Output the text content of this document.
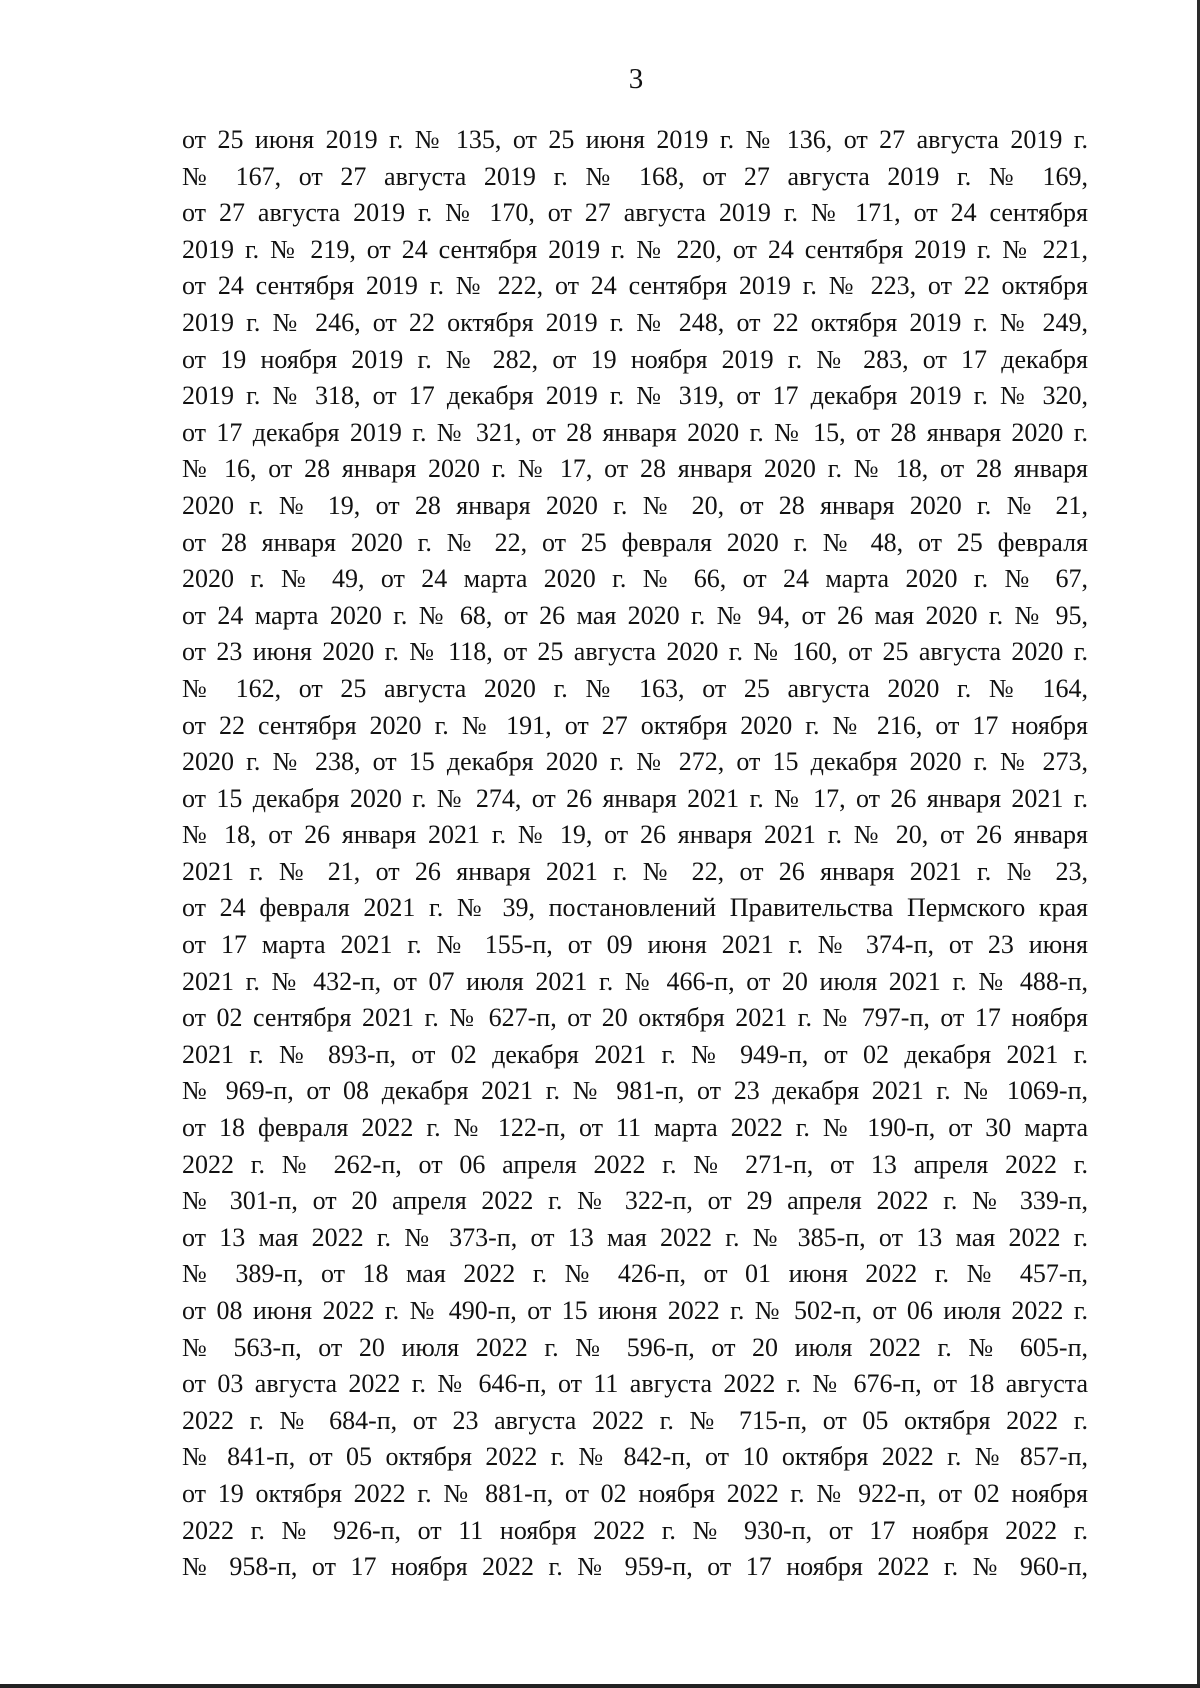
3
от 25 июня 2019 г. № 135, от 25 июня 2019 г. № 136, от 27 августа 2019 г.
№ 167, от 27 августа 2019 г. № 168, от 27 августа 2019 г. № 169,
от 27 августа 2019 г. № 170, от 27 августа 2019 г. № 171, от 24 сентября
2019 г. № 219, от 24 сентября 2019 г. № 220, от 24 сентября 2019 г. № 221,
от 24 сентября 2019 г. № 222, от 24 сентября 2019 г. № 223, от 22 октября
2019 г. № 246, от 22 октября 2019 г. № 248, от 22 октября 2019 г. № 249,
от 19 ноября 2019 г. № 282, от 19 ноября 2019 г. № 283, от 17 декабря
2019 г. № 318, от 17 декабря 2019 г. № 319, от 17 декабря 2019 г. № 320,
от 17 декабря 2019 г. № 321, от 28 января 2020 г. № 15, от 28 января 2020 г.
№ 16, от 28 января 2020 г. № 17, от 28 января 2020 г. № 18, от 28 января
2020 г. № 19, от 28 января 2020 г. № 20, от 28 января 2020 г. № 21,
от 28 января 2020 г. № 22, от 25 февраля 2020 г. № 48, от 25 февраля
2020 г. № 49, от 24 марта 2020 г. № 66, от 24 марта 2020 г. № 67,
от 24 марта 2020 г. № 68, от 26 мая 2020 г. № 94, от 26 мая 2020 г. № 95,
от 23 июня 2020 г. № 118, от 25 августа 2020 г. № 160, от 25 августа 2020 г.
№ 162, от 25 августа 2020 г. № 163, от 25 августа 2020 г. № 164,
от 22 сентября 2020 г. № 191, от 27 октября 2020 г. № 216, от 17 ноября
2020 г. № 238, от 15 декабря 2020 г. № 272, от 15 декабря 2020 г. № 273,
от 15 декабря 2020 г. № 274, от 26 января 2021 г. № 17, от 26 января 2021 г.
№ 18, от 26 января 2021 г. № 19, от 26 января 2021 г. № 20, от 26 января
2021 г. № 21, от 26 января 2021 г. № 22, от 26 января 2021 г. № 23,
от 24 февраля 2021 г. № 39, постановлений Правительства Пермского края
от 17 марта 2021 г. № 155-п, от 09 июня 2021 г. № 374-п, от 23 июня
2021 г. № 432-п, от 07 июля 2021 г. № 466-п, от 20 июля 2021 г. № 488-п,
от 02 сентября 2021 г. № 627-п, от 20 октября 2021 г. № 797-п, от 17 ноября
2021 г. № 893-п, от 02 декабря 2021 г. № 949-п, от 02 декабря 2021 г.
№ 969-п, от 08 декабря 2021 г. № 981-п, от 23 декабря 2021 г. № 1069-п,
от 18 февраля 2022 г. № 122-п, от 11 марта 2022 г. № 190-п, от 30 марта
2022 г. № 262-п, от 06 апреля 2022 г. № 271-п, от 13 апреля 2022 г.
№ 301-п, от 20 апреля 2022 г. № 322-п, от 29 апреля 2022 г. № 339-п,
от 13 мая 2022 г. № 373-п, от 13 мая 2022 г. № 385-п, от 13 мая 2022 г.
№ 389-п, от 18 мая 2022 г. № 426-п, от 01 июня 2022 г. № 457-п,
от 08 июня 2022 г. № 490-п, от 15 июня 2022 г. № 502-п, от 06 июля 2022 г.
№ 563-п, от 20 июля 2022 г. № 596-п, от 20 июля 2022 г. № 605-п,
от 03 августа 2022 г. № 646-п, от 11 августа 2022 г. № 676-п, от 18 августа
2022 г. № 684-п, от 23 августа 2022 г. № 715-п, от 05 октября 2022 г.
№ 841-п, от 05 октября 2022 г. № 842-п, от 10 октября 2022 г. № 857-п,
от 19 октября 2022 г. № 881-п, от 02 ноября 2022 г. № 922-п, от 02 ноября
2022 г. № 926-п, от 11 ноября 2022 г. № 930-п, от 17 ноября 2022 г.
№ 958-п, от 17 ноября 2022 г. № 959-п, от 17 ноября 2022 г. № 960-п,
